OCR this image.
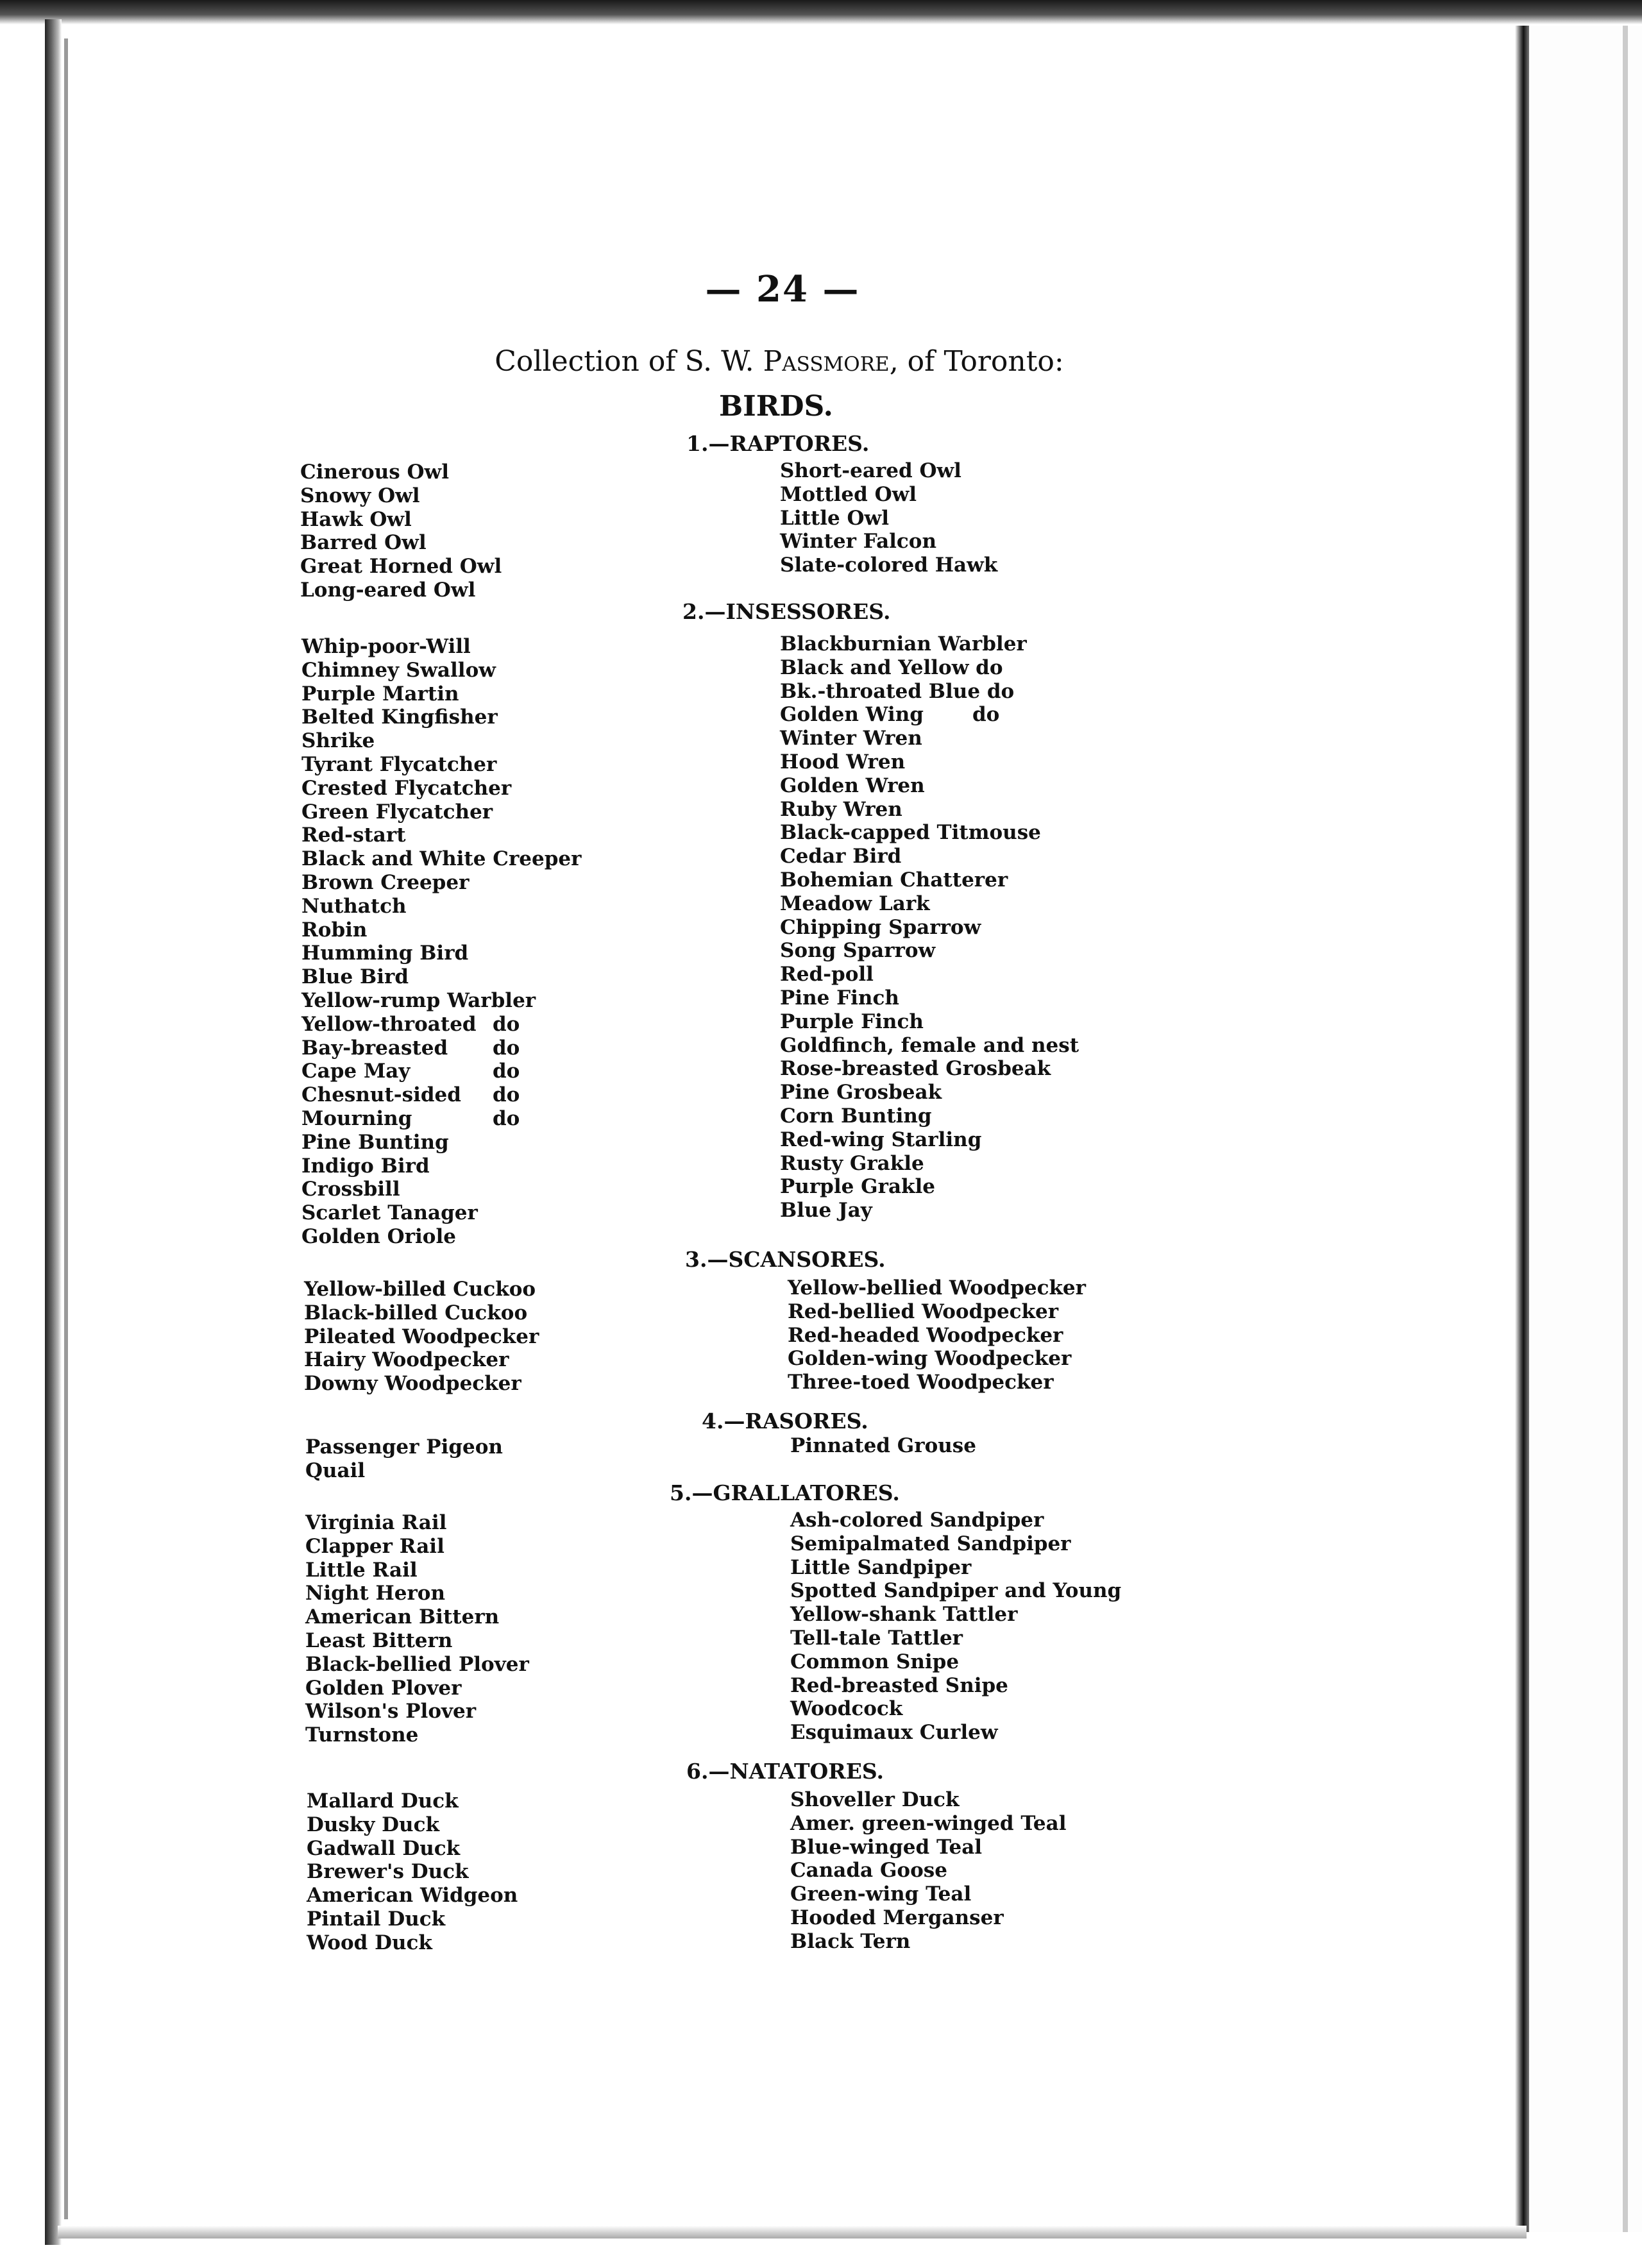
— 24 —
Collection of S. W. Passmore, of Toronto:
BIRDS.
1.—RAPTORES.
Cinerous Owl
Snowy Owl
Hawk Owl
Barred Owl
Great Horned Owl
Long-eared Owl
Short-eared Owl
Mottled Owl
Little Owl
Winter Falcon
Slate-colored Hawk
2.—INSESSORES.
Whip-poor-Will
Chimney Swallow
Purple Martin
Belted Kingfisher
Shrike
Tyrant Flycatcher
Crested Flycatcher
Green Flycatcher
Red-start
Black and White Creeper
Brown Creeper
Nuthatch
Robin
Humming Bird
Blue Bird
Yellow-rump Warbler
Yellow-throated do
Bay-breasted do
Cape May	do
Chesnut-sided do
Mourning	do
Pine Bunting
Indigo Bird
Crossbill
Scarlet Tanager
Golden Oriole
Blackburnian Warbler
Black and Yellow do
Bk.-throated Blue do
Golden Wing do
Winter Wren
Hood Wren
Golden Wren
Ruby Wren
Black-capped Titmouse
Cedar Bird
Bohemian Chatterer
Meadow Lark
Chipping Sparrow
Song Sparrow
Red-poll
Pine Finch
Purple Finch
Goldfinch, female and nest
Rose-breasted Grosbeak
Pine Grosbeak
Corn Bunting
Red-wing Starling
Rusty Grakle
Purple Grakle
Blue Jay
3.—SCANSORES.
Yellow-billed Cuckoo
Black-billed Cuckoo
Pileated Woodpecker
Hairy Woodpecker
Downy Woodpecker
Yellow-bellied Woodpecker
Red-bellied Woodpecker
Red-headed Woodpecker
Golden-wing Woodpecker
Three-toed Woodpecker
4.—RASORES.
Passenger Pigeon
Quail
Pinnated Grouse
5.—GRALLATORES.
Virginia Rail
Clapper Rail
Little Rail
Night Heron
American Bittern
Least Bittern
Black-bellied Plover
Golden Plover
Wilson's Plover
Turnstone
Ash-colored Sandpiper
Semipalmated Sandpiper
Little Sandpiper
Spotted Sandpiper and Young
Yellow-shank Tattler
Tell-tale Tattler
Common Snipe
Red-breasted Snipe
Woodcock
Esquimaux Curlew
6.—NATATORES.
Mallard Duck
Dusky Duck
Gadwall Duck
Brewer's Duck
American Widgeon
Pintail Duck
Wood Duck
Shoveller Duck
Amer. green-winged Teal
Blue-winged Teal
Canada Goose
Green-wing Teal
Hooded Merganser
Black Tern
